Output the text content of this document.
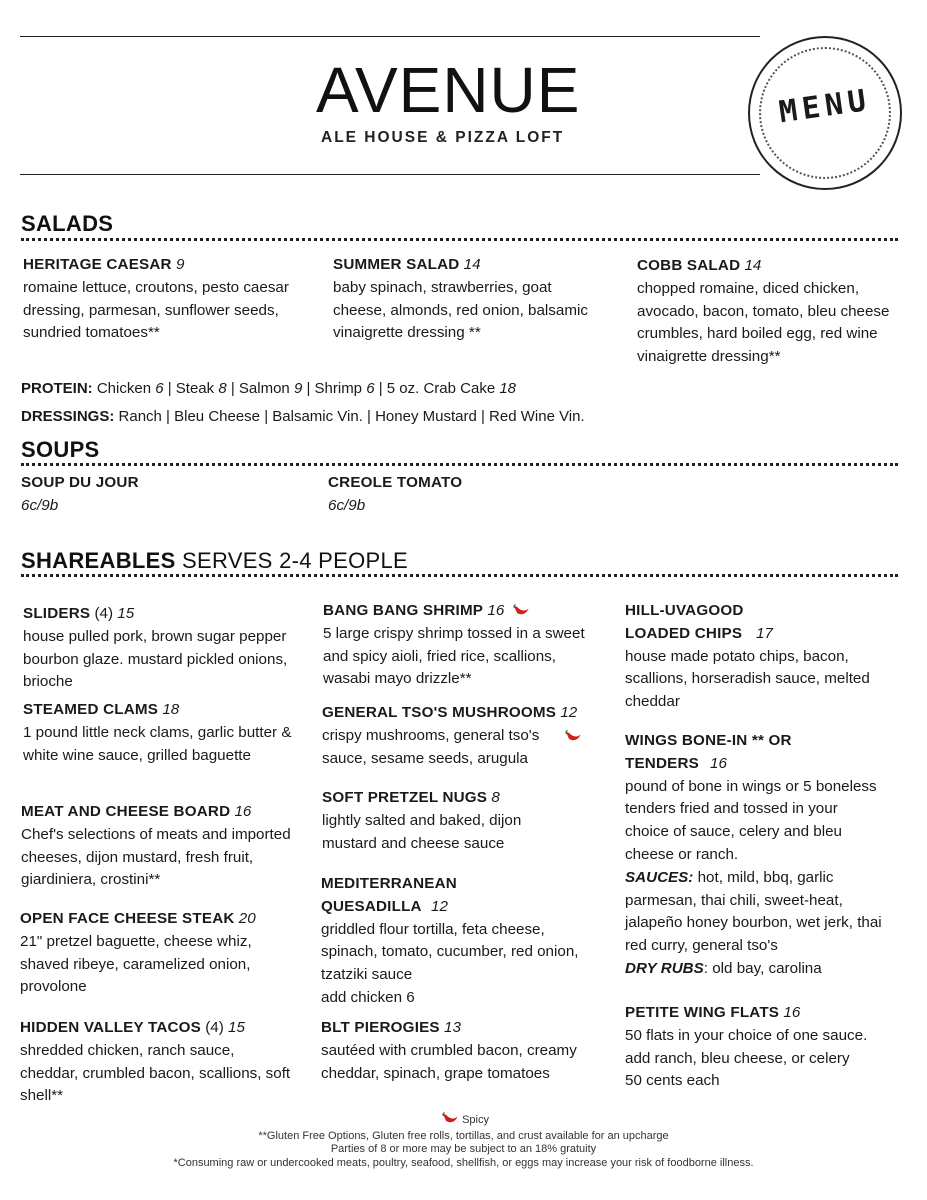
AVENUE
ALE HOUSE & PIZZA LOFT
MENU
SALADS
HERITAGE CAESAR 9
romaine lettuce, croutons, pesto caesar dressing, parmesan, sunflower seeds, sundried tomatoes**
SUMMER SALAD 14
baby spinach, strawberries, goat cheese, almonds, red onion, balsamic vinaigrette dressing **
COBB SALAD 14
chopped romaine, diced chicken, avocado, bacon, tomato, bleu cheese crumbles, hard boiled egg, red wine vinaigrette dressing**
PROTEIN: Chicken 6 | Steak 8 | Salmon 9 | Shrimp 6 | 5 oz. Crab Cake 18
DRESSINGS: Ranch | Bleu Cheese | Balsamic Vin. | Honey Mustard | Red Wine Vin.
SOUPS
SOUP DU JOUR
6c/9b
CREOLE TOMATO
6c/9b
SHAREABLES SERVES 2-4 PEOPLE
SLIDERS (4) 15
house pulled pork, brown sugar pepper bourbon glaze. mustard pickled onions, brioche
STEAMED CLAMS 18
1 pound little neck clams, garlic butter & white wine sauce, grilled baguette
MEAT AND CHEESE BOARD 16
Chef's selections of meats and imported cheeses, dijon mustard, fresh fruit, giardiniera, crostini**
OPEN FACE CHEESE STEAK 20
21" pretzel baguette, cheese whiz, shaved ribeye, caramelized onion, provolone
HIDDEN VALLEY TACOS (4) 15
shredded chicken, ranch sauce, cheddar, crumbled bacon, scallions, soft shell**
BANG BANG SHRIMP 16
5 large crispy shrimp tossed in a sweet and spicy aioli, fried rice, scallions, wasabi mayo drizzle**
GENERAL TSO'S MUSHROOMS 12
crispy mushrooms, general tso's sauce, sesame seeds, arugula
SOFT PRETZEL NUGS 8
lightly salted and baked, dijon mustard and cheese sauce
MEDITERRANEAN QUESADILLA 12
griddled flour tortilla, feta cheese, spinach, tomato, cucumber, red onion, tzatziki sauce
add chicken 6
BLT PIEROGIES 13
sautéed with crumbled bacon, creamy cheddar, spinach, grape tomatoes
HILL-UVAGOOD LOADED CHIPS 17
house made potato chips, bacon, scallions, horseradish sauce, melted cheddar
WINGS BONE-IN ** OR TENDERS 16
pound of bone in wings or 5 boneless tenders fried and tossed in your choice of sauce, celery and bleu cheese or ranch.
SAUCES: hot, mild, bbq, garlic parmesan, thai chili, sweet-heat, jalapeño honey bourbon, wet jerk, thai red curry, general tso's
DRY RUBS: old bay, carolina
PETITE WING FLATS 16
50 flats in your choice of one sauce.
add ranch, bleu cheese, or celery 50 cents each
Spicy
**Gluten Free Options, Gluten free rolls, tortillas, and crust available for an upcharge
Parties of 8 or more may be subject to an 18% gratuity
*Consuming raw or undercooked meats, poultry, seafood, shellfish, or eggs may increase your risk of foodborne illness.
